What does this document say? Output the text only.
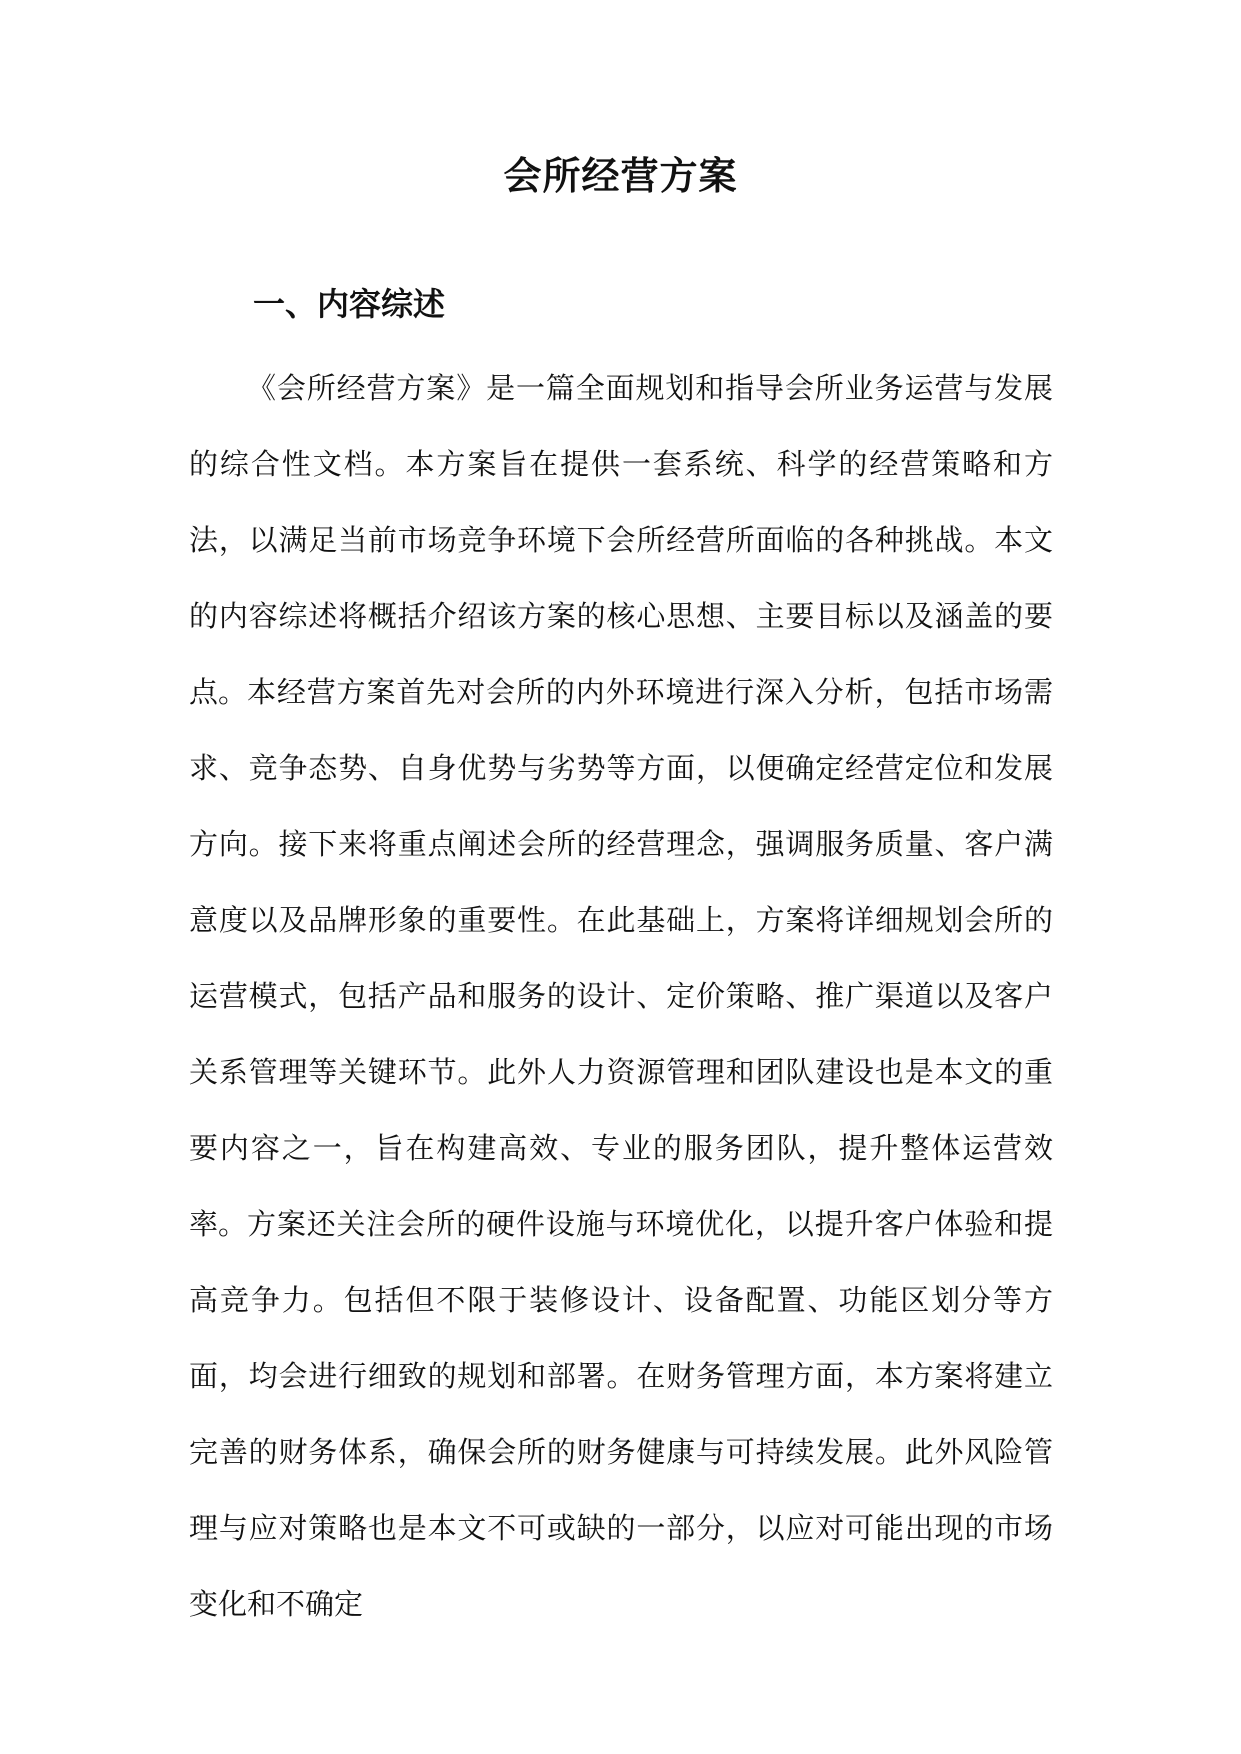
会所经营方案
一、内容综述

《会所经营方案》是一篇全面规划和指导会所业务运营与发展的综合性文档。本方案旨在提供一套系统、科学的经营策略和方法，以满足当前市场竞争环境下会所经营所面临的各种挑战。本文的内容综述将概括介绍该方案的核心思想、主要目标以及涵盖的要点。 本经营方案首先对会所的内外环境进行深入分析，包括市场需求、竞争态势、自身优势与劣势等方面，以便确定经营定位和发展方向。接下来将重点阐述会所的经营理念，强调服务质量、客户满意度以及品牌形象的重要性。在此基础上，方案将详细规划会所的运营模式，包括产品和服务的设计、定价策略、推广渠道以及客户关系管理等关键环节。此外人力资源管理和团队建设也是本文的重要内容之一，旨在构建高效、专业的服务团队，提升整体运营效率。 方案还关注会所的硬件设施与环境优化，以提升客户体验和提高竞争力。包括但不限于装修设计、设备配置、功能区划分等方面，均会进行细致的规划和部署。在财务管理方面，本方案将建立完善的财务体系，确保会所的财务健康与可持续发展。此外风险管理与应对策略也是本文不可或缺的一部分，以应对可能出现的市场变化和不确定
